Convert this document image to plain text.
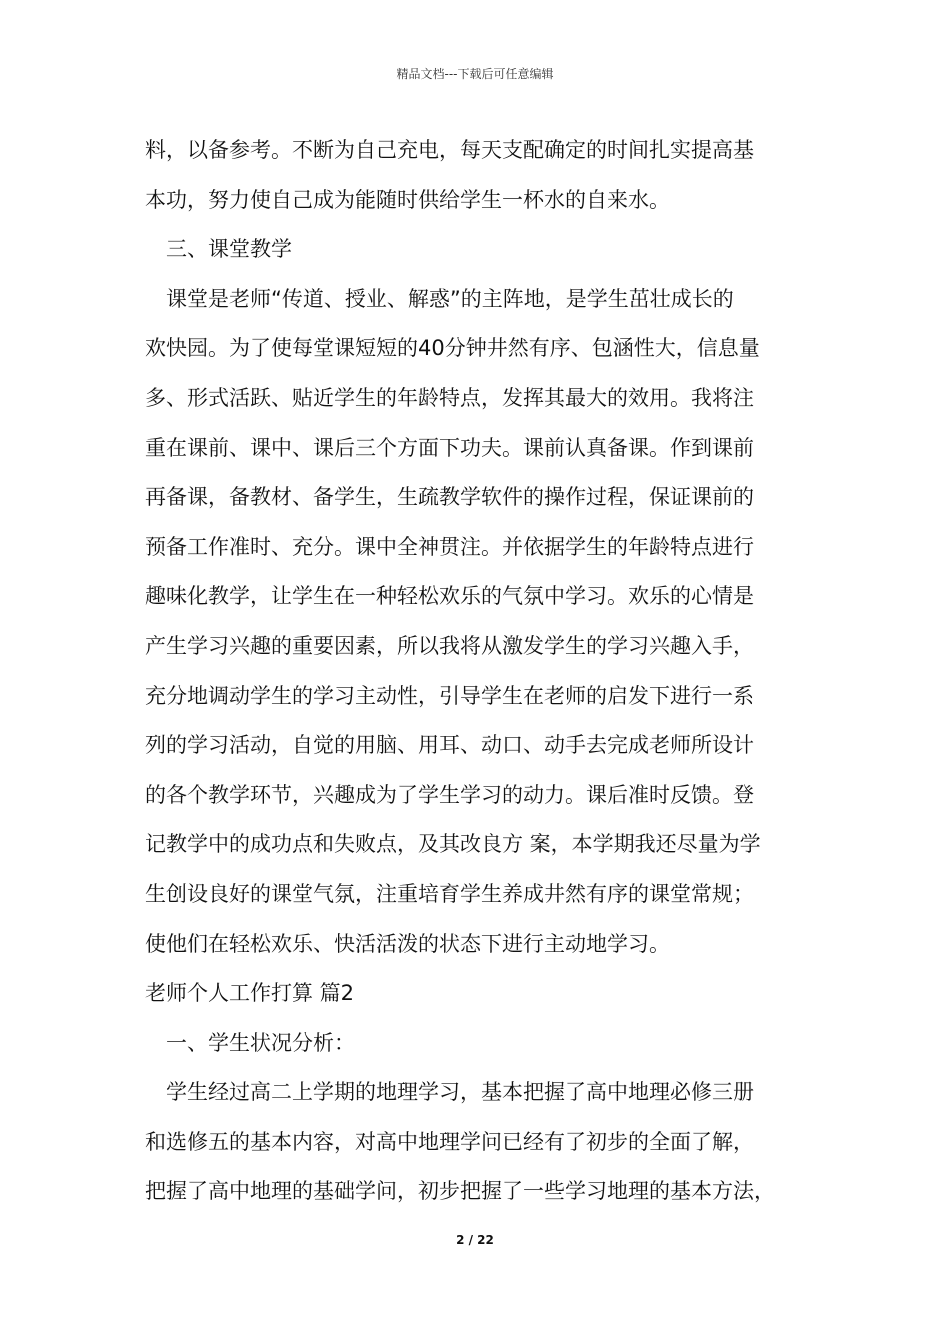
精品文档---下载后可任意编辑
料，以备参考。不断为自己充电，每天支配确定的时间扎实提高基
本功，努力使自己成为能随时供给学生一杯水的自来水。
三、课堂教学
课堂是老师“传道、授业、解惑”的主阵地，是学生茁壮成长的
欢快园。为了使每堂课短短的40分钟井然有序、包涵性大，信息量
多、形式活跃、贴近学生的年龄特点，发挥其最大的效用。我将注
重在课前、课中、课后三个方面下功夫。课前认真备课。作到课前
再备课，备教材、备学生，生疏教学软件的操作过程，保证课前的
预备工作准时、充分。课中全神贯注。并依据学生的年龄特点进行
趣味化教学，让学生在一种轻松欢乐的气氛中学习。欢乐的心情是
产生学习兴趣的重要因素，所以我将从激发学生的学习兴趣入手，
充分地调动学生的学习主动性，引导学生在老师的启发下进行一系
列的学习活动，自觉的用脑、用耳、动口、动手去完成老师所设计
的各个教学环节，兴趣成为了学生学习的动力。课后准时反馈。登
记教学中的成功点和失败点，及其改良方 案，本学期我还尽量为学
生创设良好的课堂气氛，注重培育学生养成井然有序的课堂常规；
使他们在轻松欢乐、快活活泼的状态下进行主动地学习。
老师个人工作打算 篇2
一、学生状况分析：
学生经过高二上学期的地理学习，基本把握了高中地理必修三册
和选修五的基本内容，对高中地理学问已经有了初步的全面了解，
把握了高中地理的基础学问，初步把握了一些学习地理的基本方法，
2 / 22
